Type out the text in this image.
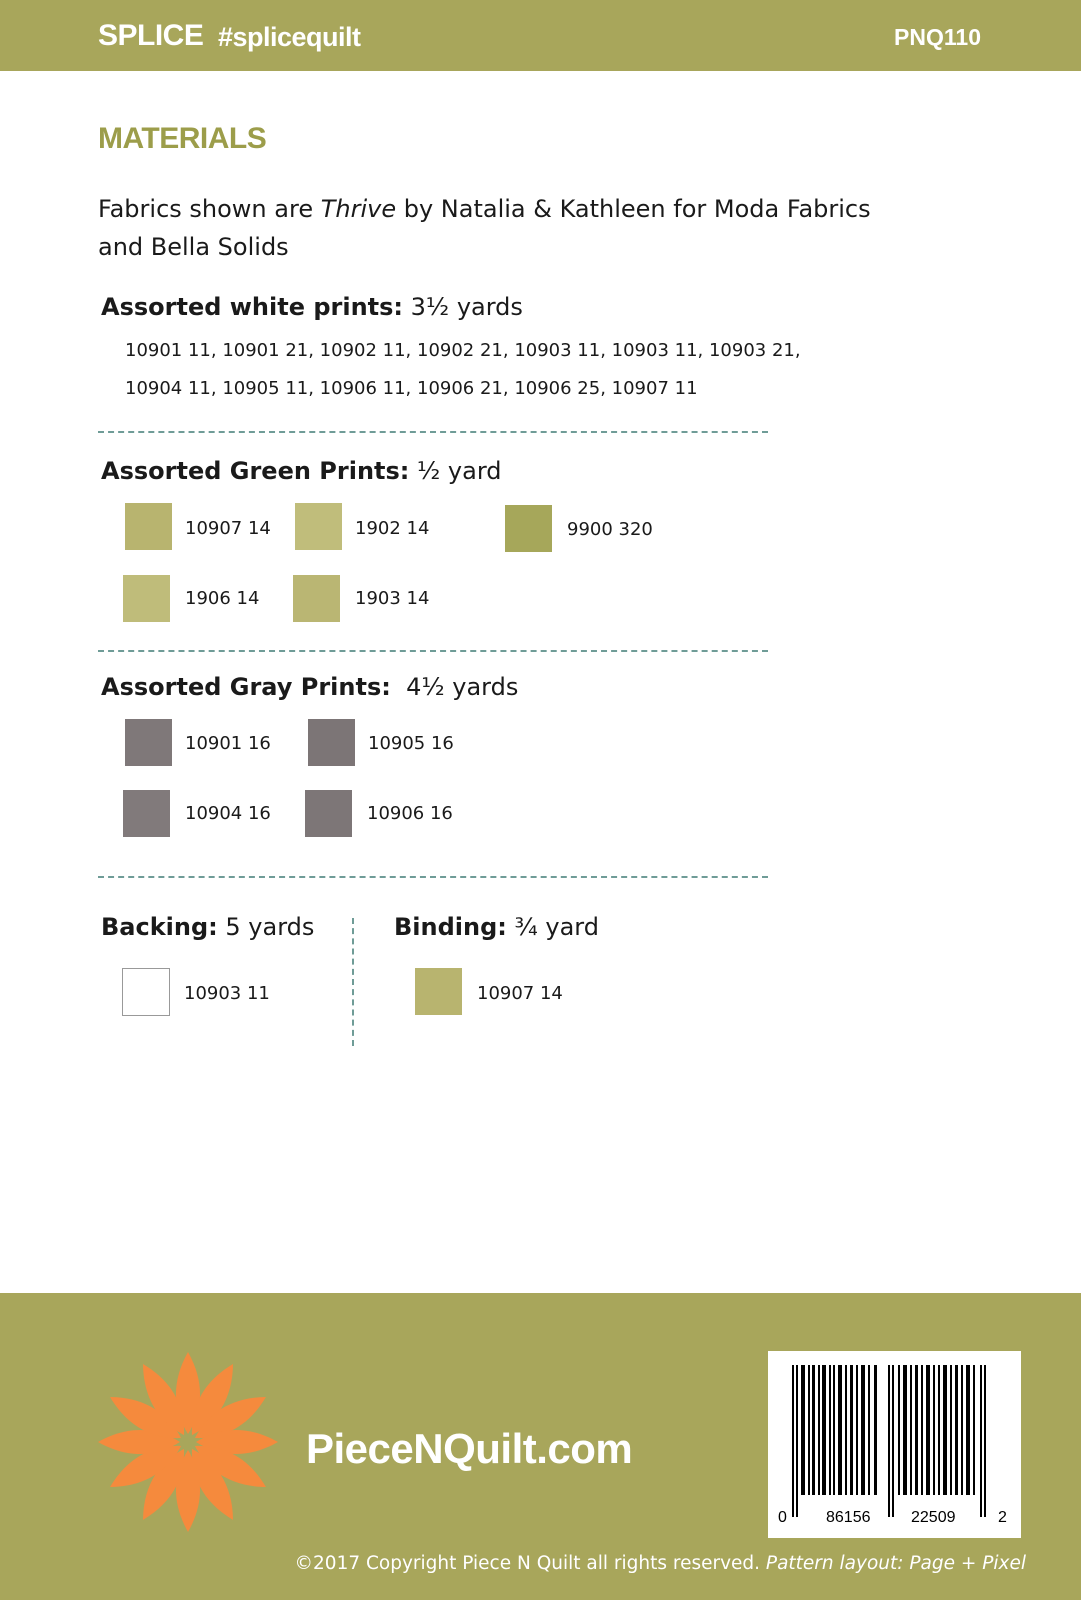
SPLICE #splicequilt	PNQ110
MATERIALS
Fabrics shown are Thrive by Natalia & Kathleen for Moda Fabrics and Bella Solids
Assorted white prints: 3½ yards
10901 11, 10901 21, 10902 11, 10902 21, 10903 11, 10903 11, 10903 21,
10904 11, 10905 11, 10906 11, 10906 21, 10906 25, 10907 11
Assorted Green Prints: ½ yard
10907 14	1902 14	9900 320
1906 14	1903 14
Assorted Gray Prints:  4½ yards
10901 16	10905 16
10904 16	10906 16
Backing: 5 yards
10903 11
Binding: ¾ yard
10907 14
PieceNQuilt.com
0 86156	22509	2
©2017 Copyright Piece N Quilt all rights reserved. Pattern layout: Page + Pixel
